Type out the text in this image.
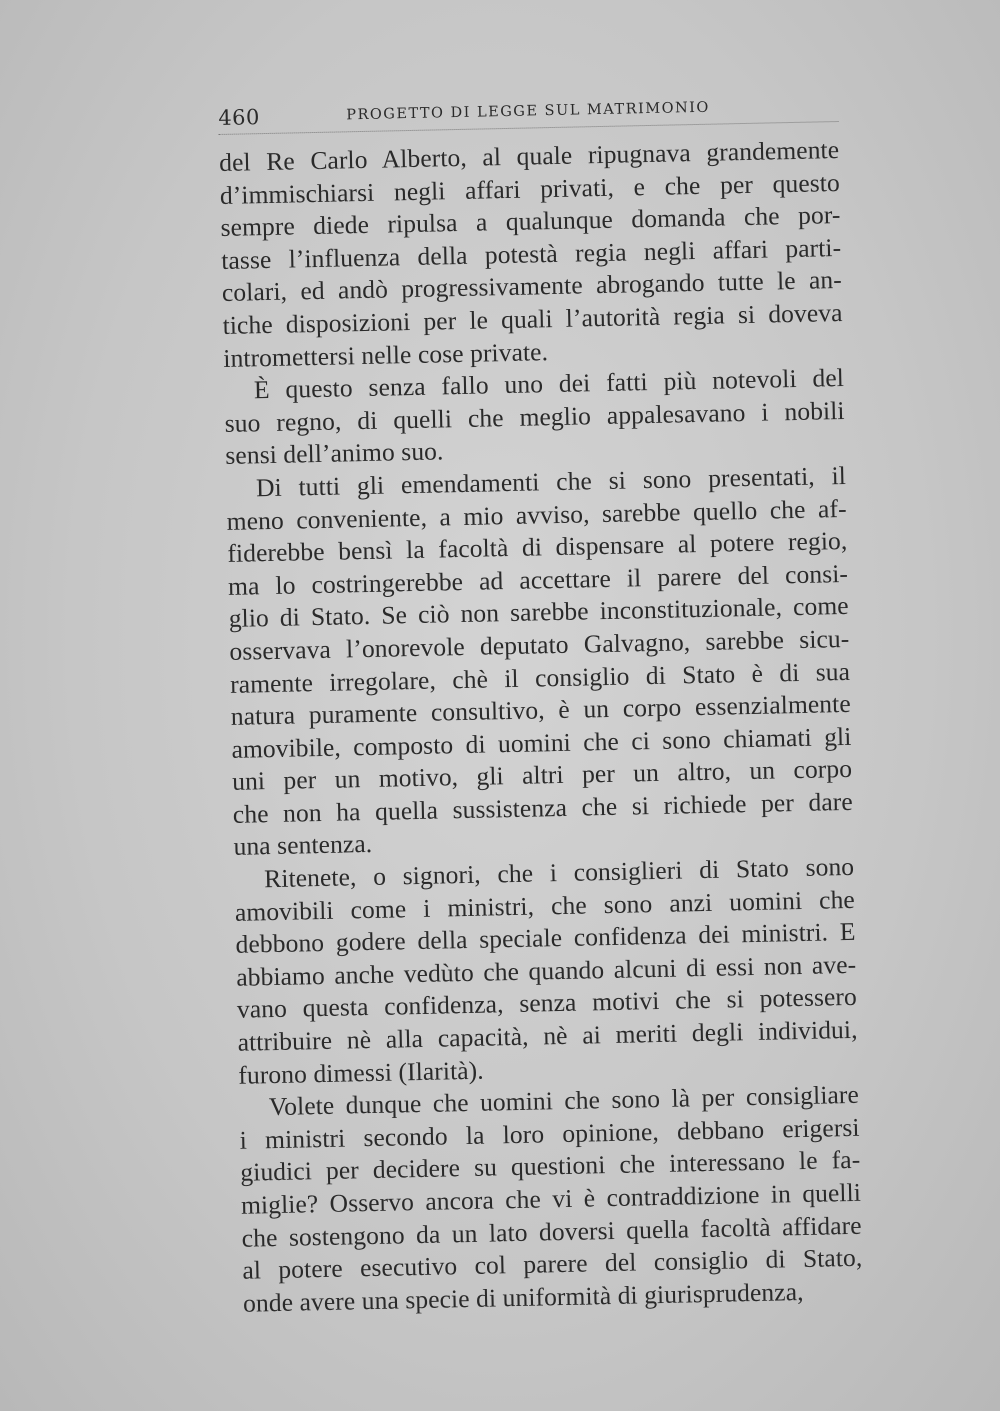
460	PROGETTO DI LEGGE SUL MATRIMONIO

del Re Carlo Alberto, al quale ripugnava grandemente
d’immischiarsi negli affari privati, e che per questo
sempre diede ripulsa a qualunque domanda che por-
tasse l’influenza della potestà regia negli affari parti-
colari, ed andò progressivamente abrogando tutte le an-
tiche disposizioni per le quali l’autorità regia si doveva
intromettersi nelle cose private.

È questo senza fallo uno dei fatti più notevoli del
suo regno, di quelli che meglio appalesavano i nobili
sensi dell’animo suo.

Di tutti gli emendamenti che si sono presentati, il
meno conveniente, a mio avviso, sarebbe quello che af-
fiderebbe bensì la facoltà di dispensare al potere regio,
ma lo costringerebbe ad accettare il parere del consi-
glio di Stato. Se ciò non sarebbe inconstituzionale, come
osservava l’onorevole deputato Galvagno, sarebbe sicu-
ramente irregolare, chè il consiglio di Stato è di sua
natura puramente consultivo, è un corpo essenzialmente
amovibile, composto di uomini che ci sono chiamati gli
uni per un motivo, gli altri per un altro, un corpo
che non ha quella sussistenza che si richiede per dare
una sentenza.

Ritenete, o signori, che i consiglieri di Stato sono
amovibili come i ministri, che sono anzi uomini che
debbono godere della speciale confidenza dei ministri. E
abbiamo anche vedùto che quando alcuni di essi non ave-
vano questa confidenza, senza motivi che si potessero
attribuire nè alla capacità, nè ai meriti degli individui,
furono dimessi (Ilarità).

Volete dunque che uomini che sono là per consigliare
i ministri secondo la loro opinione, debbano erigersi
giudici per decidere su questioni che interessano le fa-
miglie? Osservo ancora che vi è contraddizione in quelli
che sostengono da un lato doversi quella facoltà affidare
al potere esecutivo col parere del consiglio di Stato,
onde avere una specie di uniformità di giurisprudenza,
